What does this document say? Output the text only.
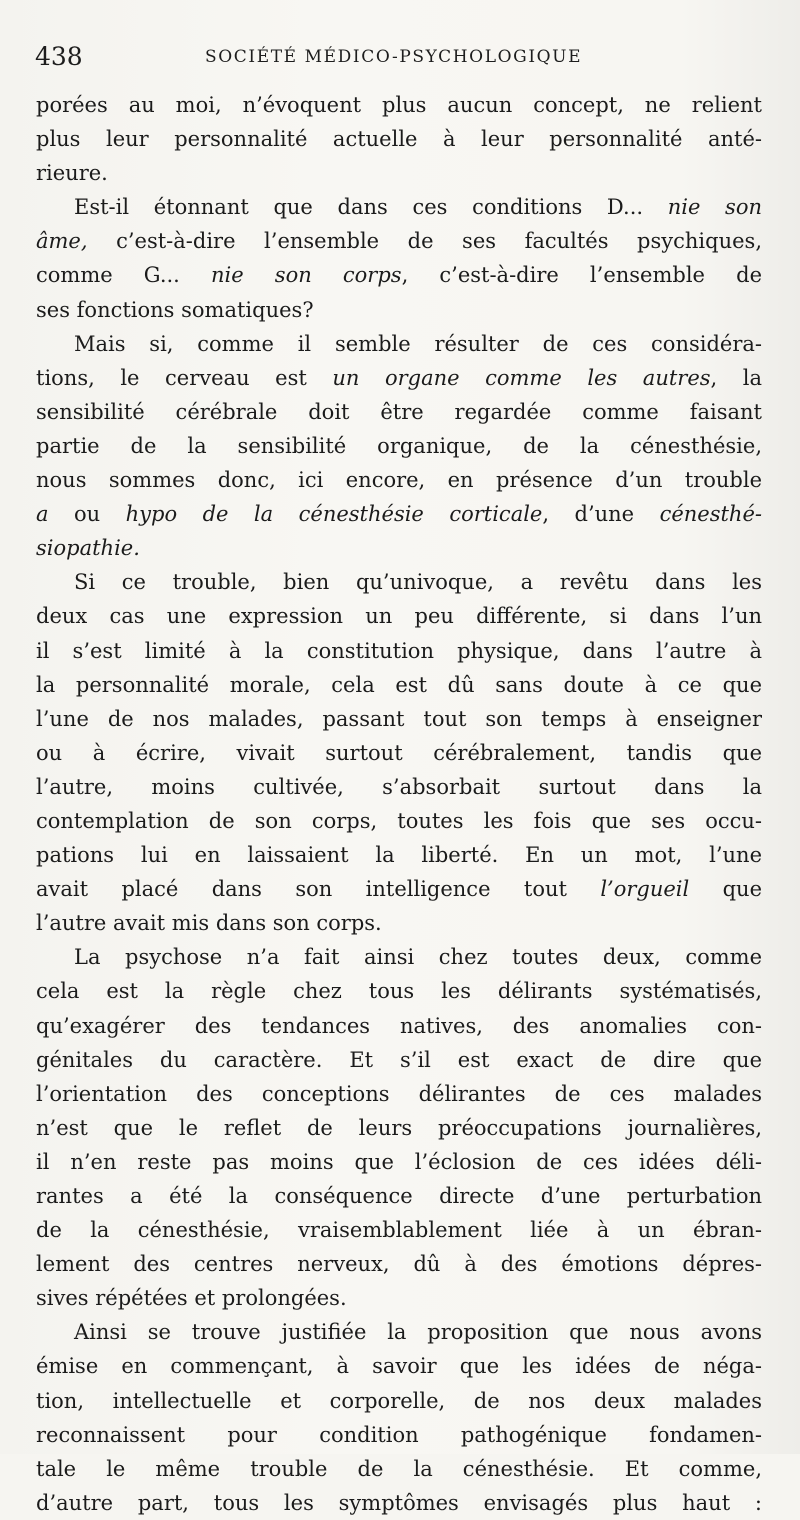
438	SOCIÉTÉ MÉDICO-PSYCHOLOGIQUE
porées au moi, n’évoquent plus aucun concept, ne relient
plus leur personnalité actuelle à leur personnalité anté-
rieure.
Est-il étonnant que dans ces conditions D... nie son
âme, c’est-à-dire l’ensemble de ses facultés psychiques,
comme G... nie son corps, c’est-à-dire l’ensemble de
ses fonctions somatiques?
Mais si, comme il semble résulter de ces considéra-
tions, le cerveau est un organe comme les autres, la
sensibilité cérébrale doit être regardée comme faisant
partie de la sensibilité organique, de la cénesthésie,
nous sommes donc, ici encore, en présence d’un trouble
a ou hypo de la cénesthésie corticale, d’une cénesthé-
siopathie.
Si ce trouble, bien qu’univoque, a revêtu dans les
deux cas une expression un peu différente, si dans l’un
il s’est limité à la constitution physique, dans l’autre à
la personnalité morale, cela est dû sans doute à ce que
l’une de nos malades, passant tout son temps à enseigner
ou à écrire, vivait surtout cérébralement, tandis que
l’autre, moins cultivée, s’absorbait surtout dans la
contemplation de son corps, toutes les fois que ses occu-
pations lui en laissaient la liberté. En un mot, l’une
avait placé dans son intelligence tout l’orgueil que
l’autre avait mis dans son corps.
La psychose n’a fait ainsi chez toutes deux, comme
cela est la règle chez tous les délirants systématisés,
qu’exagérer des tendances natives, des anomalies con-
génitales du caractère. Et s’il est exact de dire que
l’orientation des conceptions délirantes de ces malades
n’est que le reflet de leurs préoccupations journalières,
il n’en reste pas moins que l’éclosion de ces idées déli-
rantes a été la conséquence directe d’une perturbation
de la cénesthésie, vraisemblablement liée à un ébran-
lement des centres nerveux, dû à des émotions dépres-
sives répétées et prolongées.
Ainsi se trouve justifiée la proposition que nous avons
émise en commençant, à savoir que les idées de néga-
tion, intellectuelle et corporelle, de nos deux malades
reconnaissent pour condition pathogénique fondamen-
tale le même trouble de la cénesthésie. Et comme,
d’autre part, tous les symptômes envisagés plus haut :
